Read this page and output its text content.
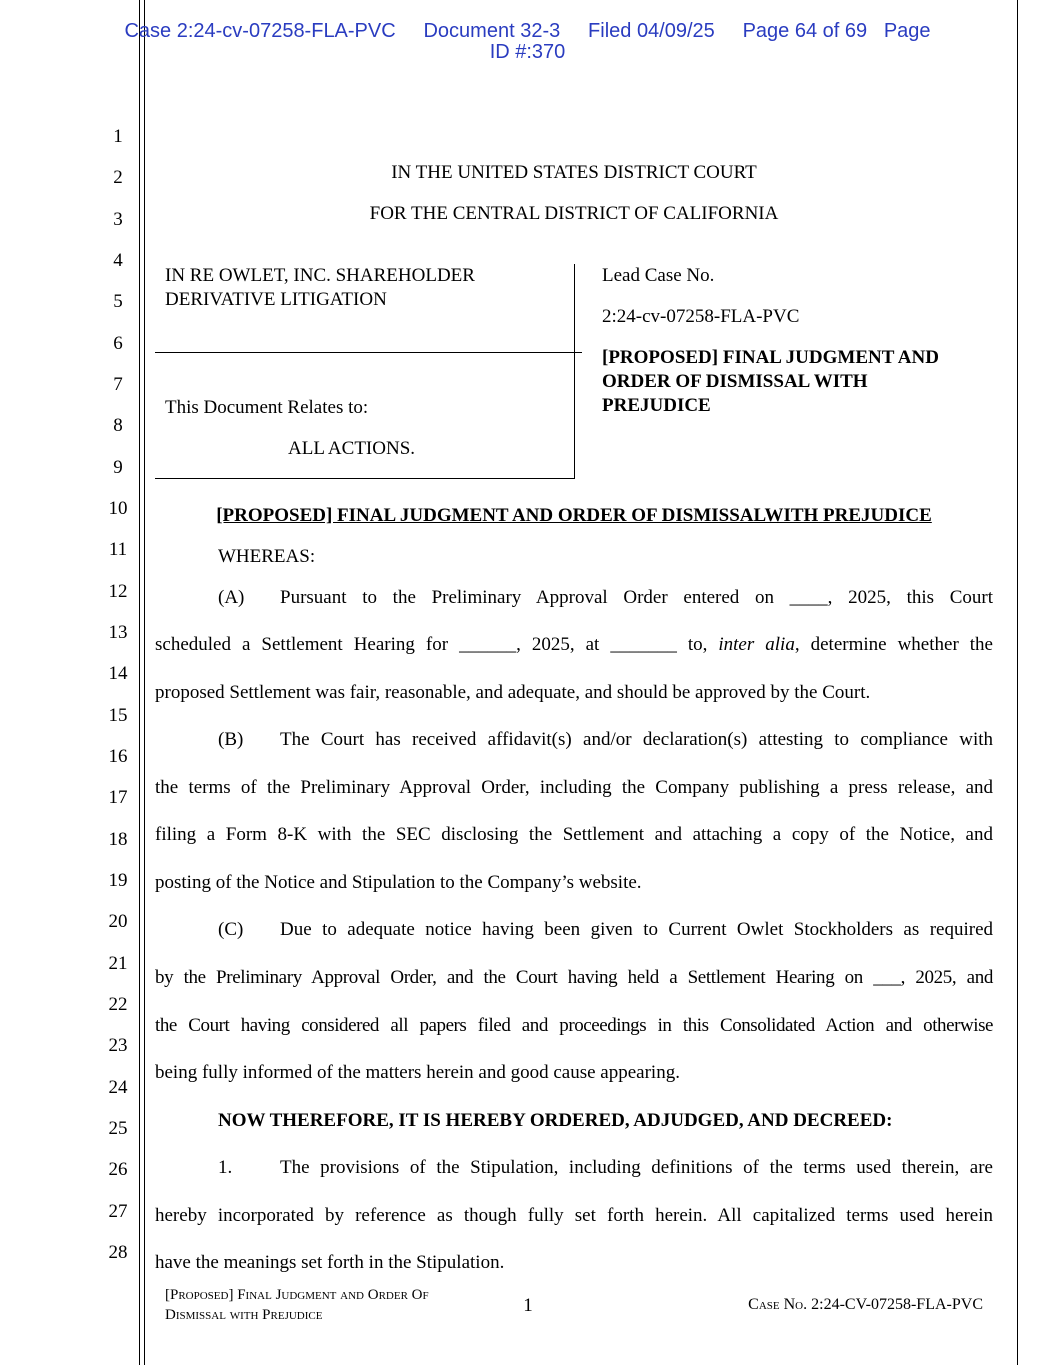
Case 2:24-cv-07258-FLA-PVC Document 32-3 Filed 04/09/25 Page 64 of 69 Page
ID #:370
1
2
3
4
5
6
7
8
9
10
11
12
13
14
15
16
17
18
19
20
21
22
23
24
25
26
27
28
IN THE UNITED STATES DISTRICT COURT
FOR THE CENTRAL DISTRICT OF CALIFORNIA
IN RE OWLET, INC. SHAREHOLDER
DERIVATIVE LITIGATION
This Document Relates to:
ALL ACTIONS.
Lead Case No.
2:24-cv-07258-FLA-PVC
[PROPOSED] FINAL JUDGMENT AND
ORDER OF DISMISSAL WITH
PREJUDICE
[PROPOSED] FINAL JUDGMENT AND ORDER OF DISMISSALWITH PREJUDICE
WHEREAS:
(A) Pursuant to the Preliminary Approval Order entered on ____, 2025, this Court
scheduled a Settlement Hearing for ______, 2025, at _______ to, inter alia, determine whether the
proposed Settlement was fair, reasonable, and adequate, and should be approved by the Court.
(B) The Court has received affidavit(s) and/or declaration(s) attesting to compliance with
the terms of the Preliminary Approval Order, including the Company publishing a press release, and
filing a Form 8-K with the SEC disclosing the Settlement and attaching a copy of the Notice, and
posting of the Notice and Stipulation to the Company’s website.
(C) Due to adequate notice having been given to Current Owlet Stockholders as required
by the Preliminary Approval Order, and the Court having held a Settlement Hearing on ___, 2025, and
the Court having considered all papers filed and proceedings in this Consolidated Action and otherwise
being fully informed of the matters herein and good cause appearing.
NOW THEREFORE, IT IS HEREBY ORDERED, ADJUDGED, AND DECREED:
1.	The provisions of the Stipulation, including definitions of the terms used therein, are
hereby incorporated by reference as though fully set forth herein. All capitalized terms used herein
have the meanings set forth in the Stipulation.
[Proposed] Final Judgment and Order Of
Dismissal with Prejudice	1	Case No. 2:24-CV-07258-FLA-PVC
